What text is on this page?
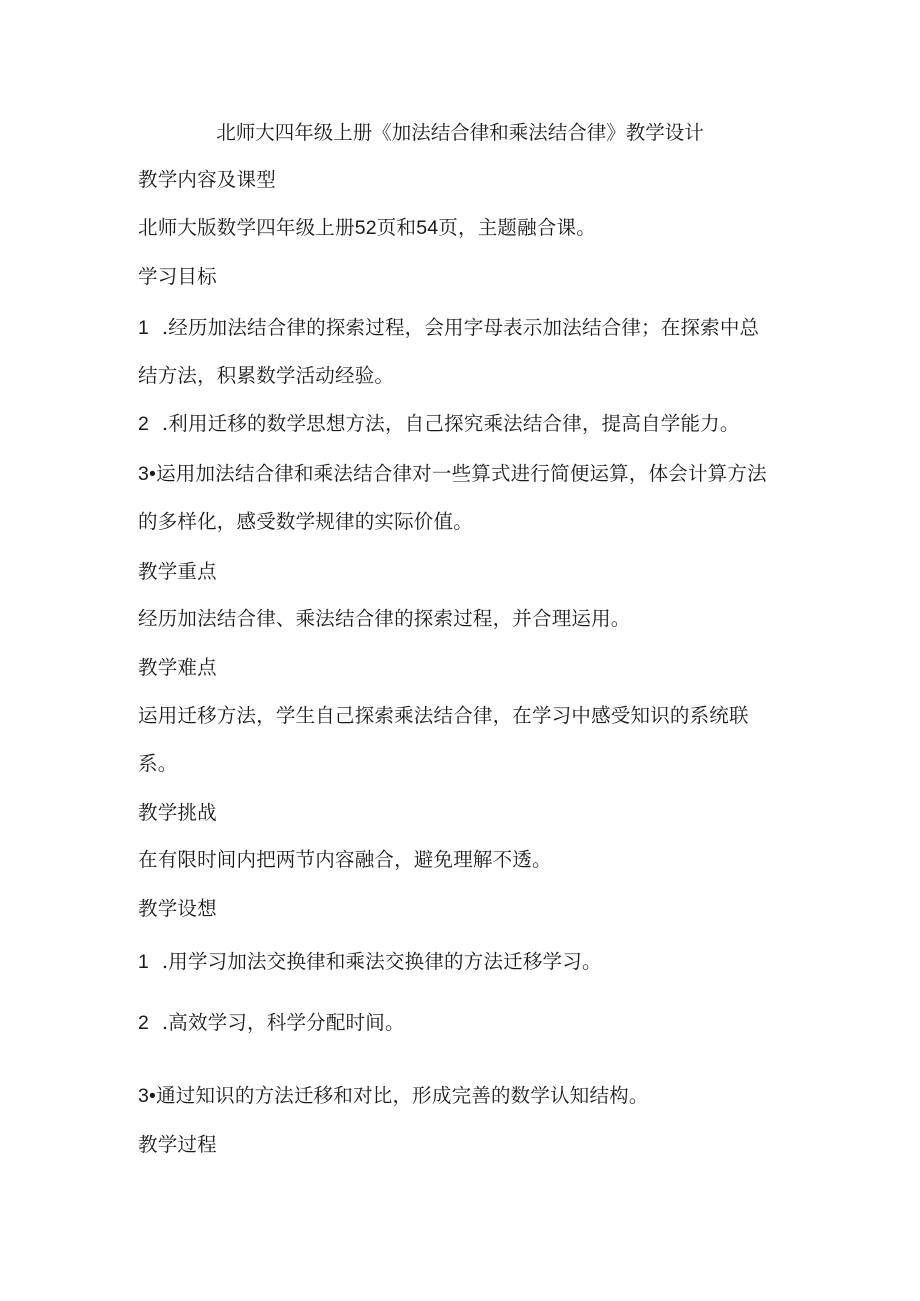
北师大四年级上册《加法结合律和乘法结合律》教学设计
教学内容及课型
北师大版数学四年级上册52页和54页，主题融合课。
学习目标
1 .经历加法结合律的探索过程，会用字母表示加法结合律；在探索中总
结方法，积累数学活动经验。
2 .利用迁移的数学思想方法，自己探究乘法结合律，提高自学能力。
3•运用加法结合律和乘法结合律对一些算式进行简便运算，体会计算方法
的多样化，感受数学规律的实际价值。
教学重点
经历加法结合律、乘法结合律的探索过程，并合理运用。
教学难点
运用迁移方法，学生自己探索乘法结合律，在学习中感受知识的系统联
系。
教学挑战
在有限时间内把两节内容融合，避免理解不透。
教学设想
1 .用学习加法交换律和乘法交换律的方法迁移学习。
2 .高效学习，科学分配时间。
3•通过知识的方法迁移和对比，形成完善的数学认知结构。
教学过程
